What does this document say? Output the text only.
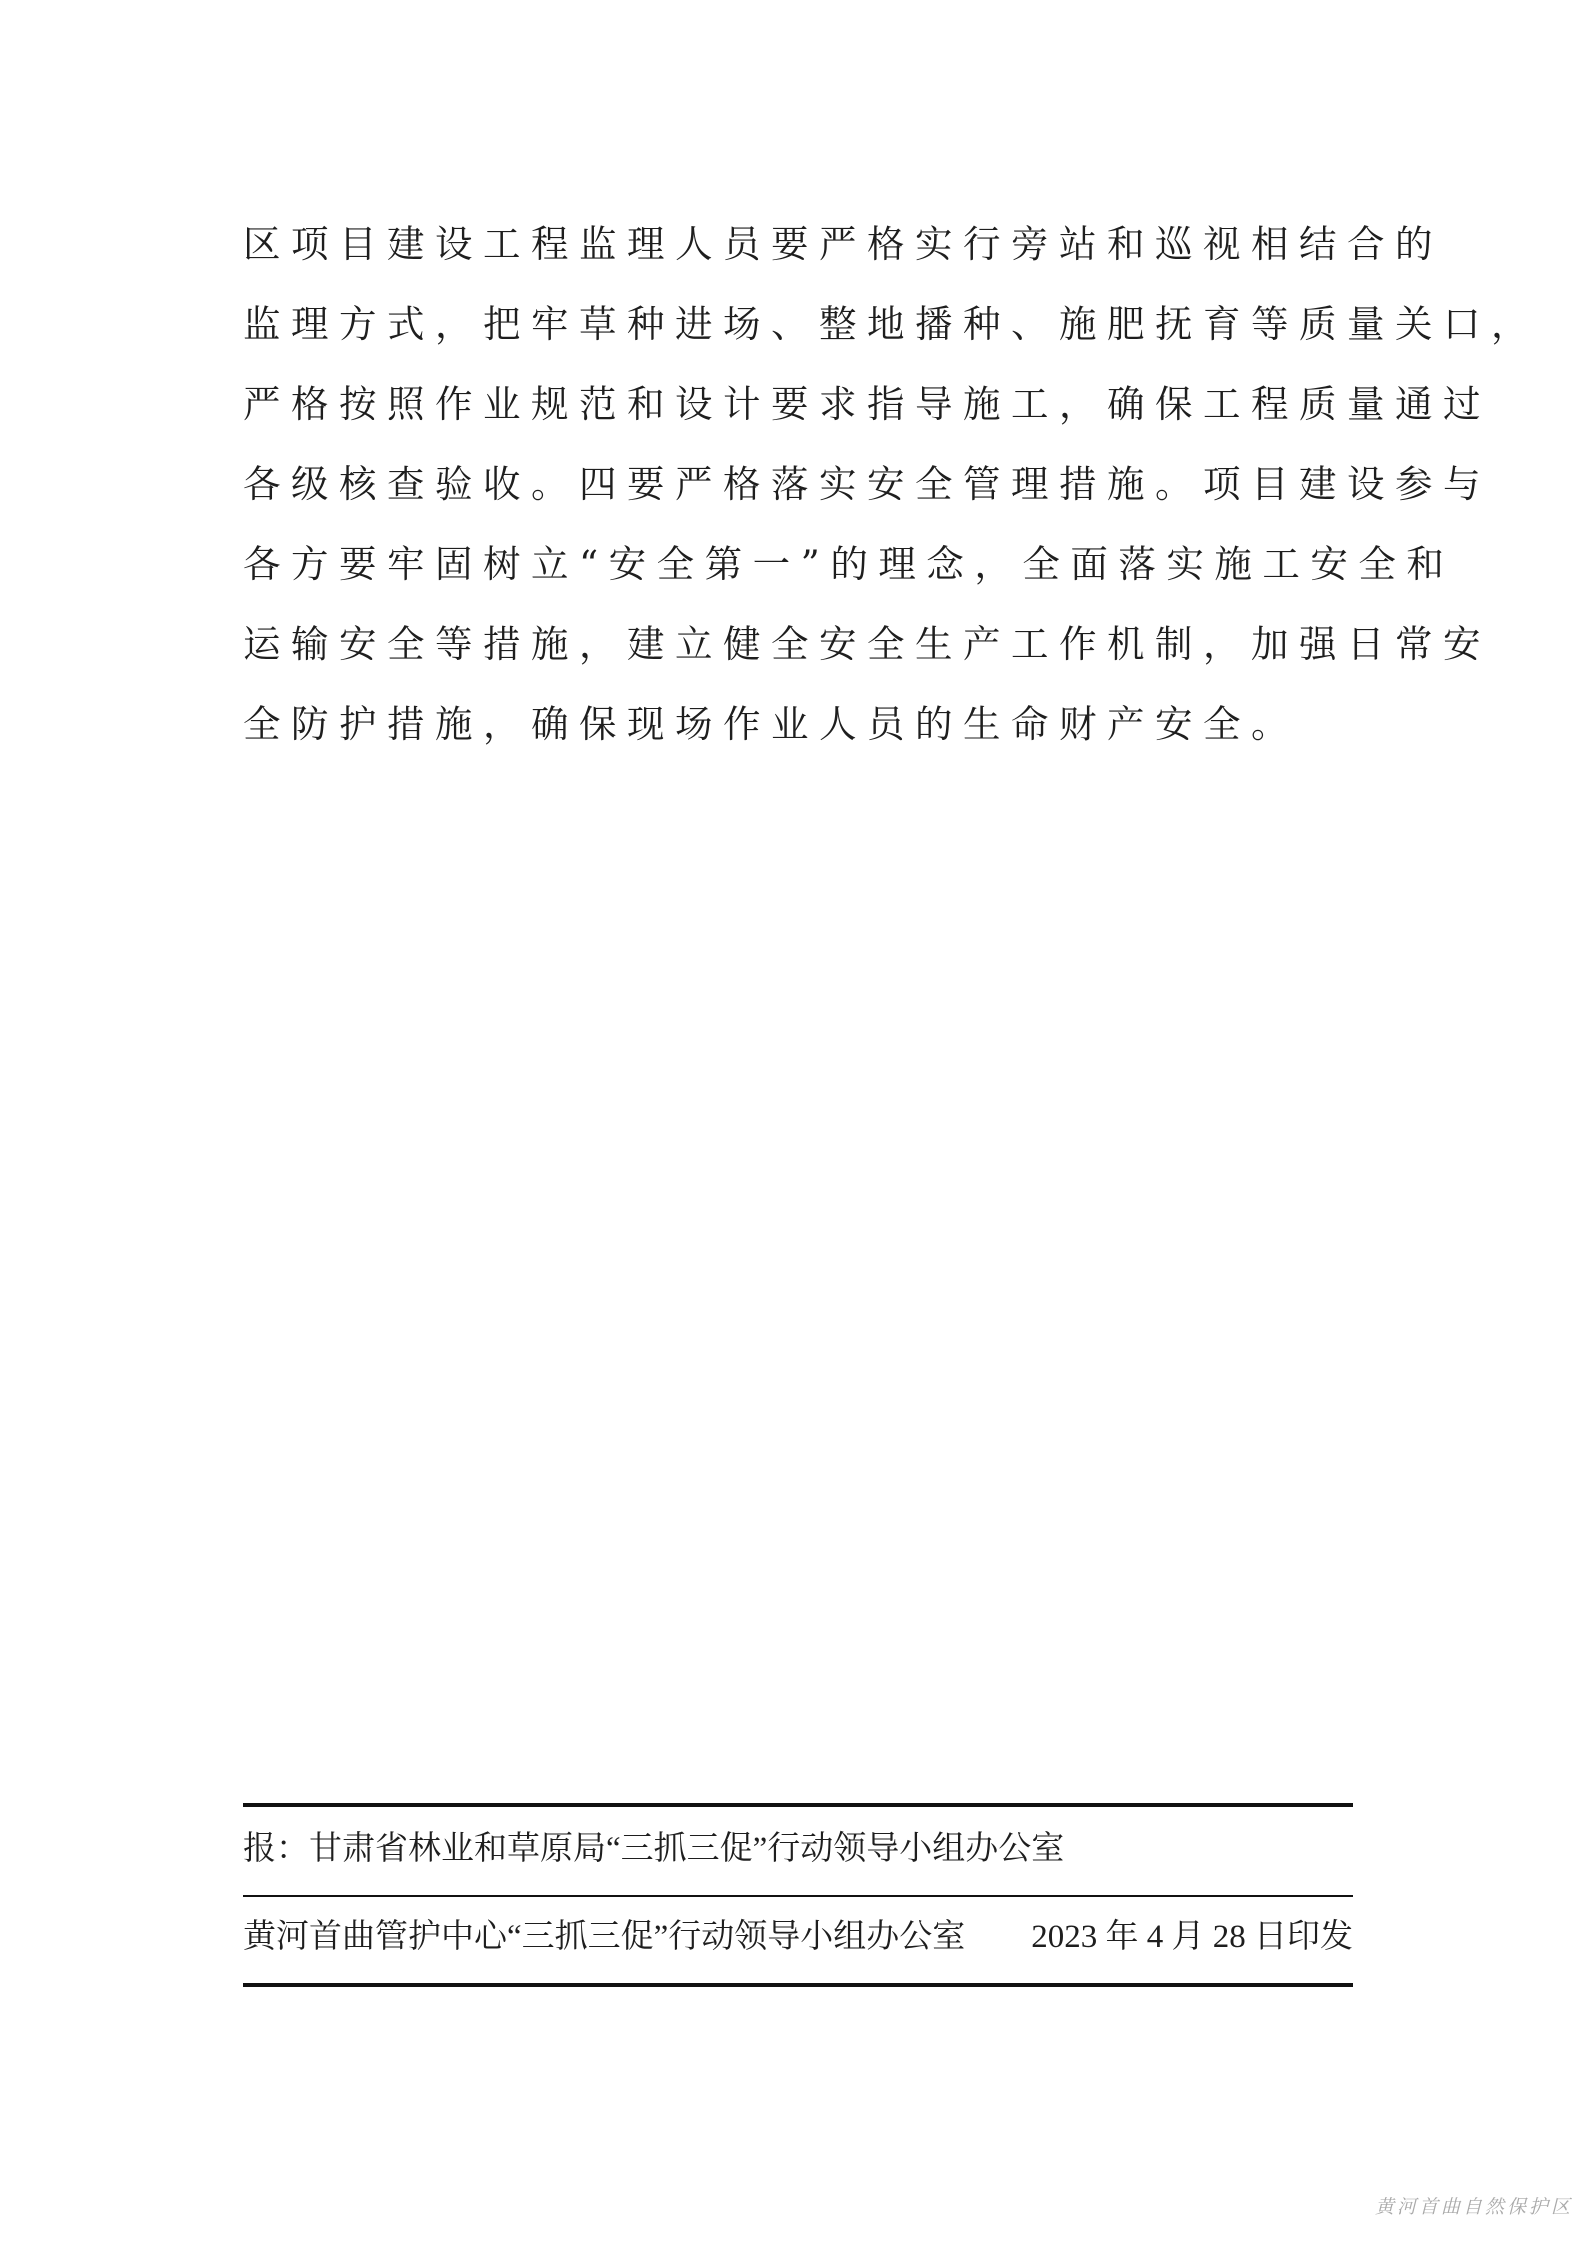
区项目建设工程监理人员要严格实行旁站和巡视相结合的
监理方式，把牢草种进场、整地播种、施肥抚育等质量关口，
严格按照作业规范和设计要求指导施工，确保工程质量通过
各级核查验收。四要严格落实安全管理措施。项目建设参与
各方要牢固树立“安全第一”的理念，全面落实施工安全和
运输安全等措施，建立健全安全生产工作机制，加强日常安
全防护措施，确保现场作业人员的生命财产安全。
报：甘肃省林业和草原局“三抓三促”行动领导小组办公室
黄河首曲管护中心“三抓三促”行动领导小组办公室 2023 年 4 月 28 日印发
黄河首曲自然保护区
